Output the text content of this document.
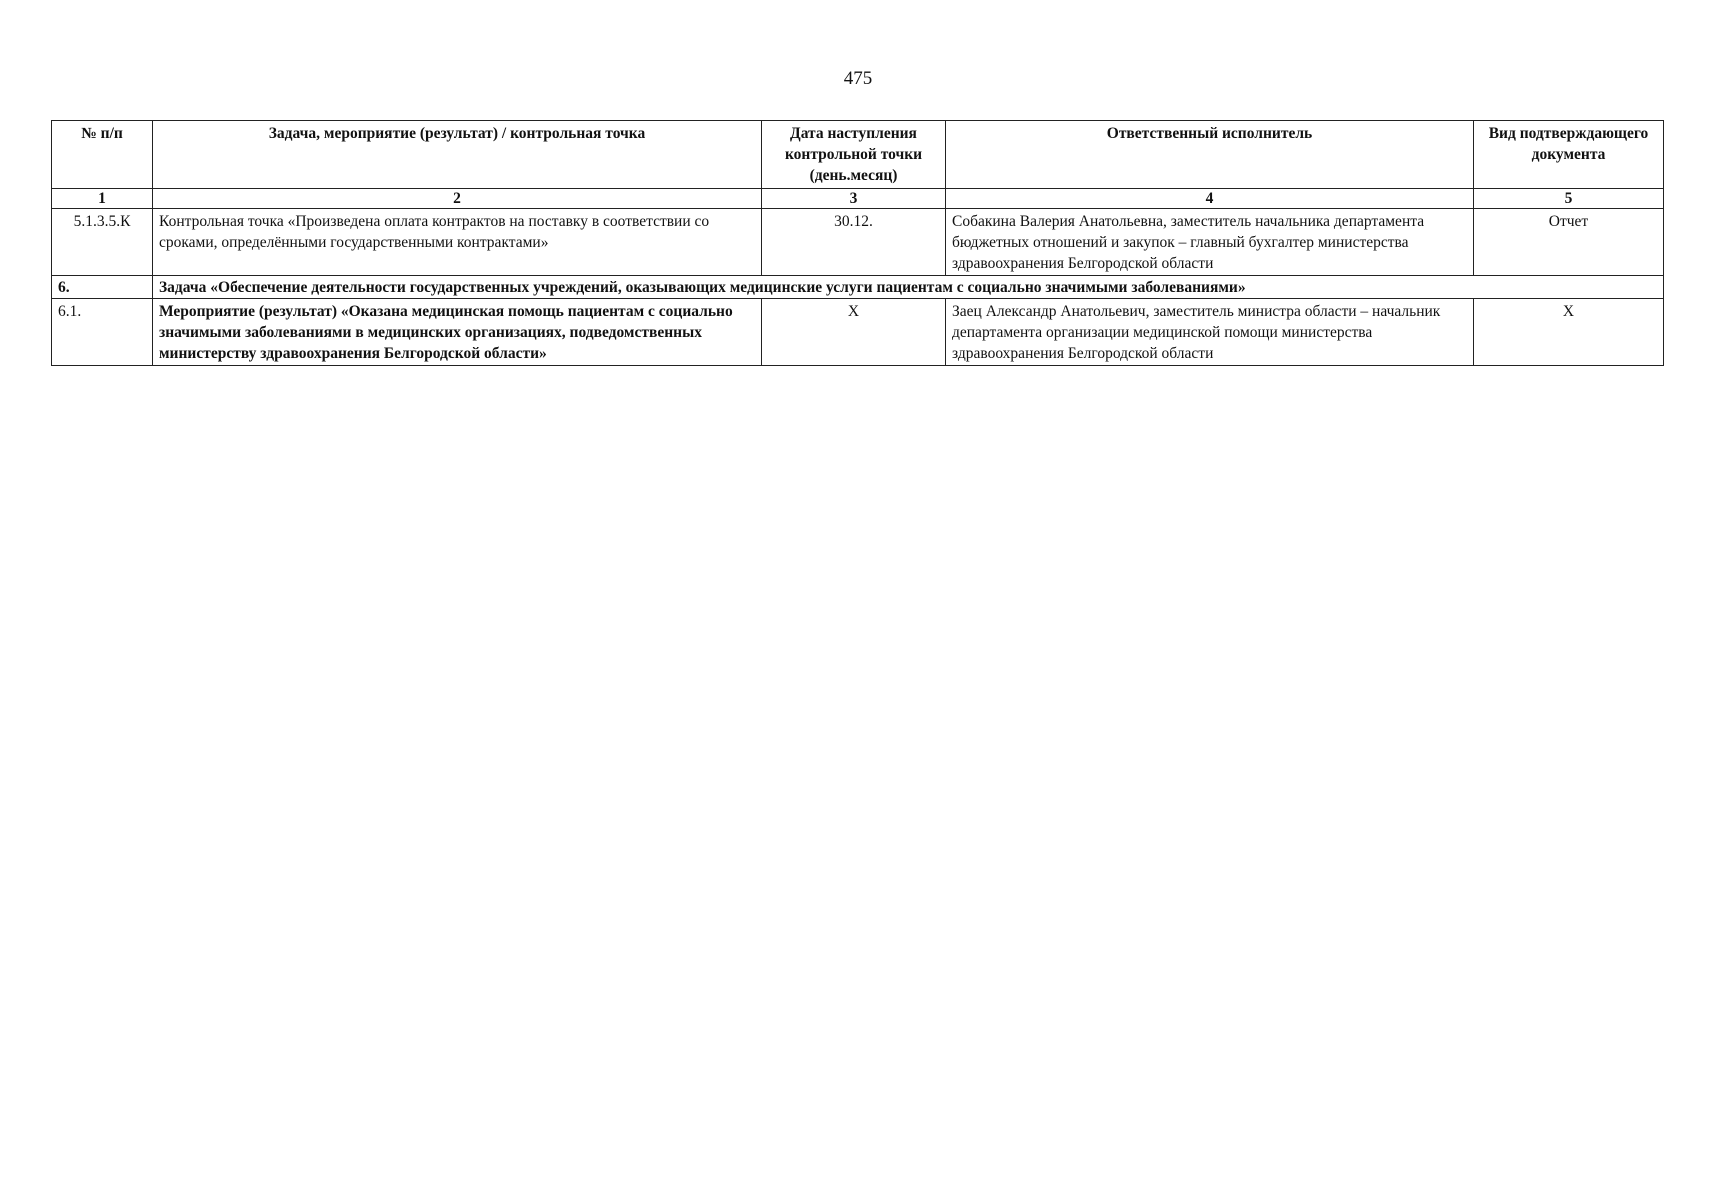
475
№ п/п	Задача, мероприятие (результат) / контрольная точка	Дата наступления контрольной точки (день.месяц)	Ответственный исполнитель	Вид подтверждающего документа
1	2	3	4	5
5.1.3.5.К	Контрольная точка «Произведена оплата контрактов на поставку в соответствии со сроками, определёнными государственными контрактами»	30.12.	Собакина Валерия Анатольевна, заместитель начальника департамента бюджетных отношений и закупок – главный бухгалтер министерства здравоохранения Белгородской области	Отчет
6.	Задача «Обеспечение деятельности государственных учреждений, оказывающих медицинские услуги пациентам с социально значимыми заболеваниями»			
6.1.	Мероприятие (результат) «Оказана медицинская помощь пациентам с социально значимыми заболеваниями в медицинских организациях, подведомственных министерству здравоохранения Белгородской области»	Х	Заец Александр Анатольевич, заместитель министра области – начальник департамента организации медицинской помощи министерства здравоохранения Белгородской области	Х
